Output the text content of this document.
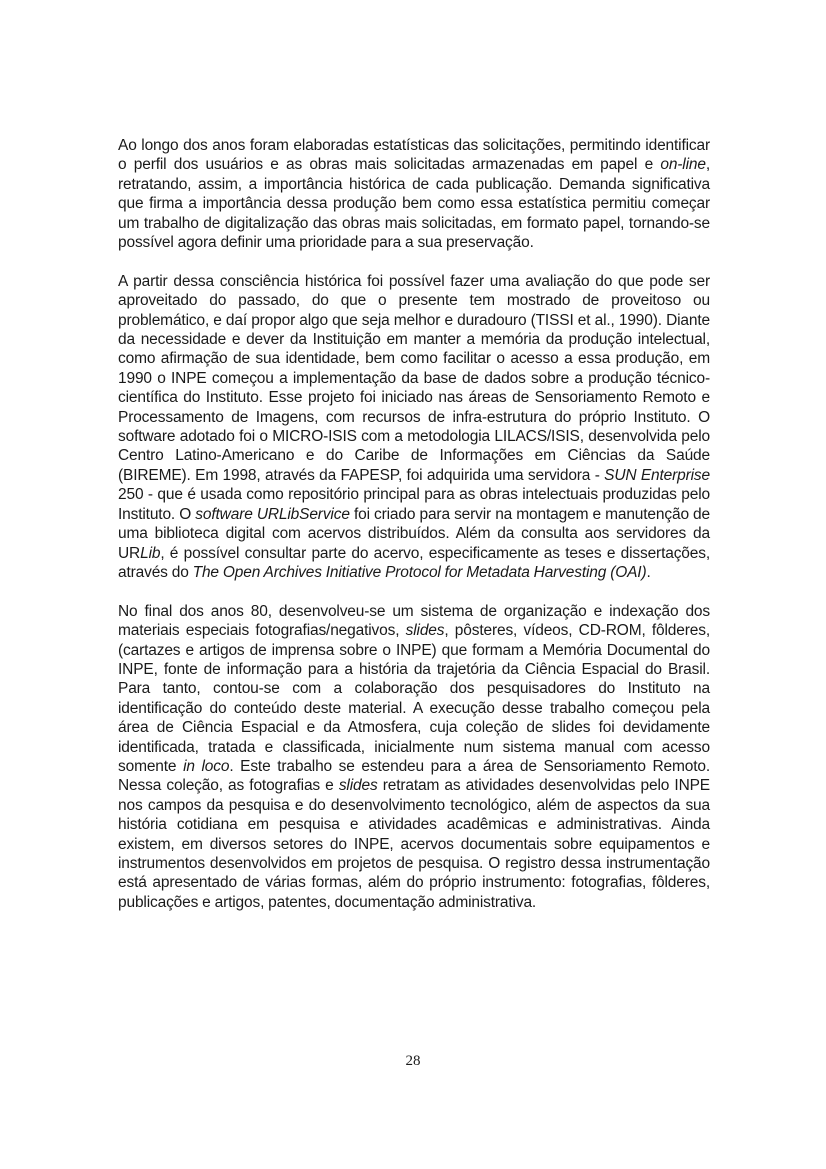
Ao longo dos anos foram elaboradas estatísticas das solicitações, permitindo identificar o perfil dos usuários e as obras mais solicitadas armazenadas em papel e on-line, retratando, assim, a importância histórica de cada publicação. Demanda significativa que firma a importância dessa produção bem como essa estatística permitiu começar um trabalho de digitalização das obras mais solicitadas, em formato papel, tornando-se possível agora definir uma prioridade para a sua preservação.

A partir dessa consciência histórica foi possível fazer uma avaliação do que pode ser aproveitado do passado, do que o presente tem mostrado de proveitoso ou problemático, e daí propor algo que seja melhor e duradouro (TISSI et al., 1990). Diante da necessidade e dever da Instituição em manter a memória da produção intelectual, como afirmação de sua identidade, bem como facilitar o acesso a essa produção, em 1990 o INPE começou a implementação da base de dados sobre a produção técnico-científica do Instituto. Esse projeto foi iniciado nas áreas de Sensoriamento Remoto e Processamento de Imagens, com recursos de infra-estrutura do próprio Instituto. O software adotado foi o MICRO-ISIS com a metodologia LILACS/ISIS, desenvolvida pelo Centro Latino-Americano e do Caribe de Informações em Ciências da Saúde (BIREME). Em 1998, através da FAPESP, foi adquirida uma servidora - SUN Enterprise 250 - que é usada como repositório principal para as obras intelectuais produzidas pelo Instituto. O software URLibService foi criado para servir na montagem e manutenção de uma biblioteca digital com acervos distribuídos. Além da consulta aos servidores da URLib, é possível consultar parte do acervo, especificamente as teses e dissertações, através do The Open Archives Initiative Protocol for Metadata Harvesting (OAI).

No final dos anos 80, desenvolveu-se um sistema de organização e indexação dos materiais especiais fotografias/negativos, slides, pôsteres, vídeos, CD-ROM, fôlderes, (cartazes e artigos de imprensa sobre o INPE) que formam a Memória Documental do INPE, fonte de informação para a história da trajetória da Ciência Espacial do Brasil. Para tanto, contou-se com a colaboração dos pesquisadores do Instituto na identificação do conteúdo deste material. A execução desse trabalho começou pela área de Ciência Espacial e da Atmosfera, cuja coleção de slides foi devidamente identificada, tratada e classificada, inicialmente num sistema manual com acesso somente in loco. Este trabalho se estendeu para a área de Sensoriamento Remoto. Nessa coleção, as fotografias e slides retratam as atividades desenvolvidas pelo INPE nos campos da pesquisa e do desenvolvimento tecnológico, além de aspectos da sua história cotidiana em pesquisa e atividades acadêmicas e administrativas. Ainda existem, em diversos setores do INPE, acervos documentais sobre equipamentos e instrumentos desenvolvidos em projetos de pesquisa. O registro dessa instrumentação está apresentado de várias formas, além do próprio instrumento: fotografias, fôlderes, publicações e artigos, patentes, documentação administrativa.

28
